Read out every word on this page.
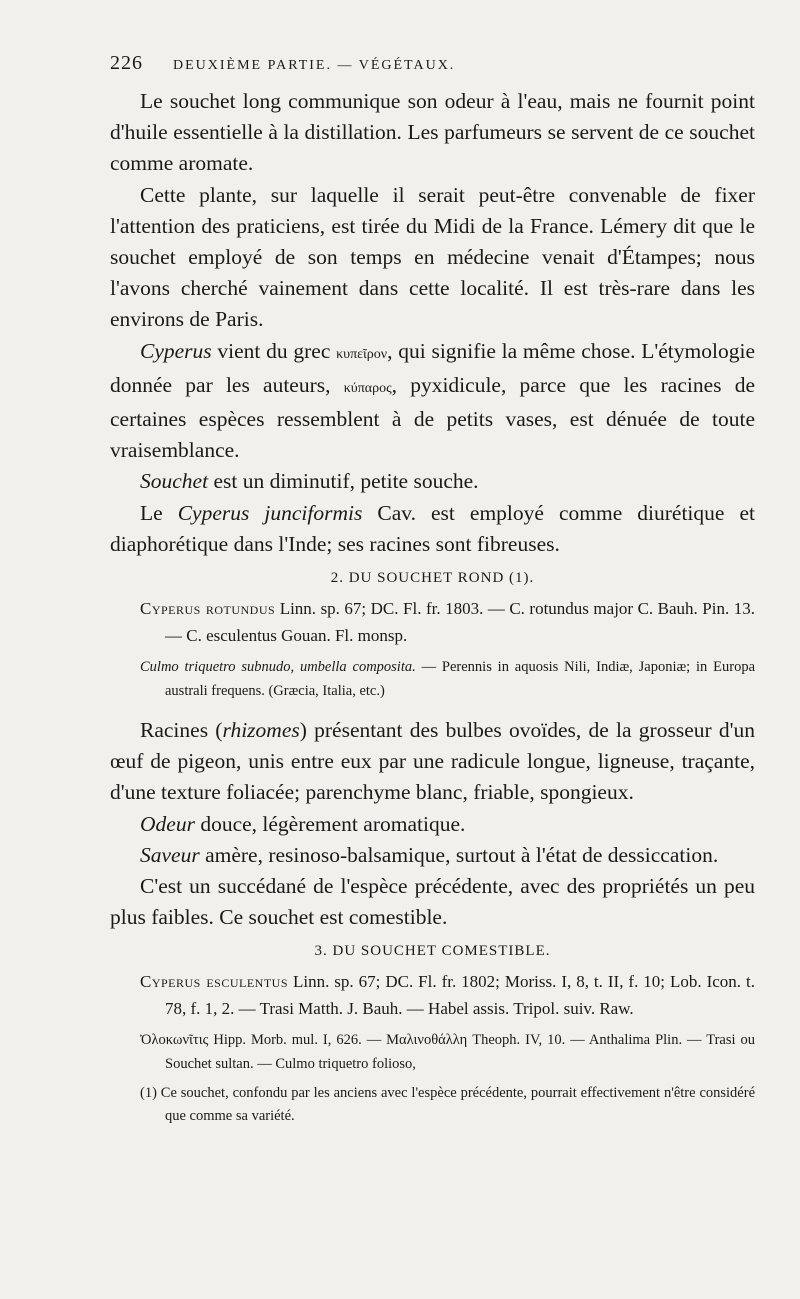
226 DEUXIÈME PARTIE. — VÉGÉTAUX.

Le souchet long communique son odeur à l'eau, mais ne fournit point d'huile essentielle à la distillation. Les parfumeurs se servent de ce souchet comme aromate.

Cette plante, sur laquelle il serait peut-être convenable de fixer l'attention des praticiens, est tirée du Midi de la France. Lémery dit que le souchet employé de son temps en médecine venait d'Étampes; nous l'avons cherché vainement dans cette localité. Il est très-rare dans les environs de Paris.

Cyperus vient du grec κυπεῖρον, qui signifie la même chose. L'étymologie donnée par les auteurs, κύπαρος, pyxidicule, parce que les racines de certaines espèces ressemblent à de petits vases, est dénuée de toute vraisemblance.

Souchet est un diminutif, petite souche.

Le Cyperus junciformis Cav. est employé comme diurétique et diaphorétique dans l'Inde; ses racines sont fibreuses.

2. DU SOUCHET ROND (1).

Cyperus rotundus Linn. sp. 67; DC. Fl. fr. 1803. — C. rotundus major C. Bauh. Pin. 13. — C. esculentus Gouan. Fl. monsp.

Culmo triquetro subnudo, umbella composita. — Perennis in aquosis Nili, Indiæ, Japoniæ; in Europa australi frequens. (Græcia, Italia, etc.)

Racines (rhizomes) présentant des bulbes ovoïdes, de la grosseur d'un œuf de pigeon, unis entre eux par une radicule longue, ligneuse, traçante, d'une texture foliacée; parenchyme blanc, friable, spongieux.

Odeur douce, légèrement aromatique.

Saveur amère, resinoso-balsamique, surtout à l'état de dessiccation.

C'est un succédané de l'espèce précédente, avec des propriétés un peu plus faibles. Ce souchet est comestible.

3. DU SOUCHET COMESTIBLE.

Cyperus esculentus Linn. sp. 67; DC. Fl. fr. 1802; Moriss. I, 8, t. II, f. 10; Lob. Icon. t. 78, f. 1, 2. — Trasi Matth. J. Bauh. — Habel assis. Tripol. suiv. Raw.

Ὀλοκωνῖτις Hipp. Morb. mul. I, 626. — Μαλινοθάλλη Theoph. IV, 10. — Anthalima Plin. — Trasi ou Souchet sultan. — Culmo triquetro folioso,

(1) Ce souchet, confondu par les anciens avec l'espèce précédente, pourrait effectivement n'être considéré que comme sa variété.
